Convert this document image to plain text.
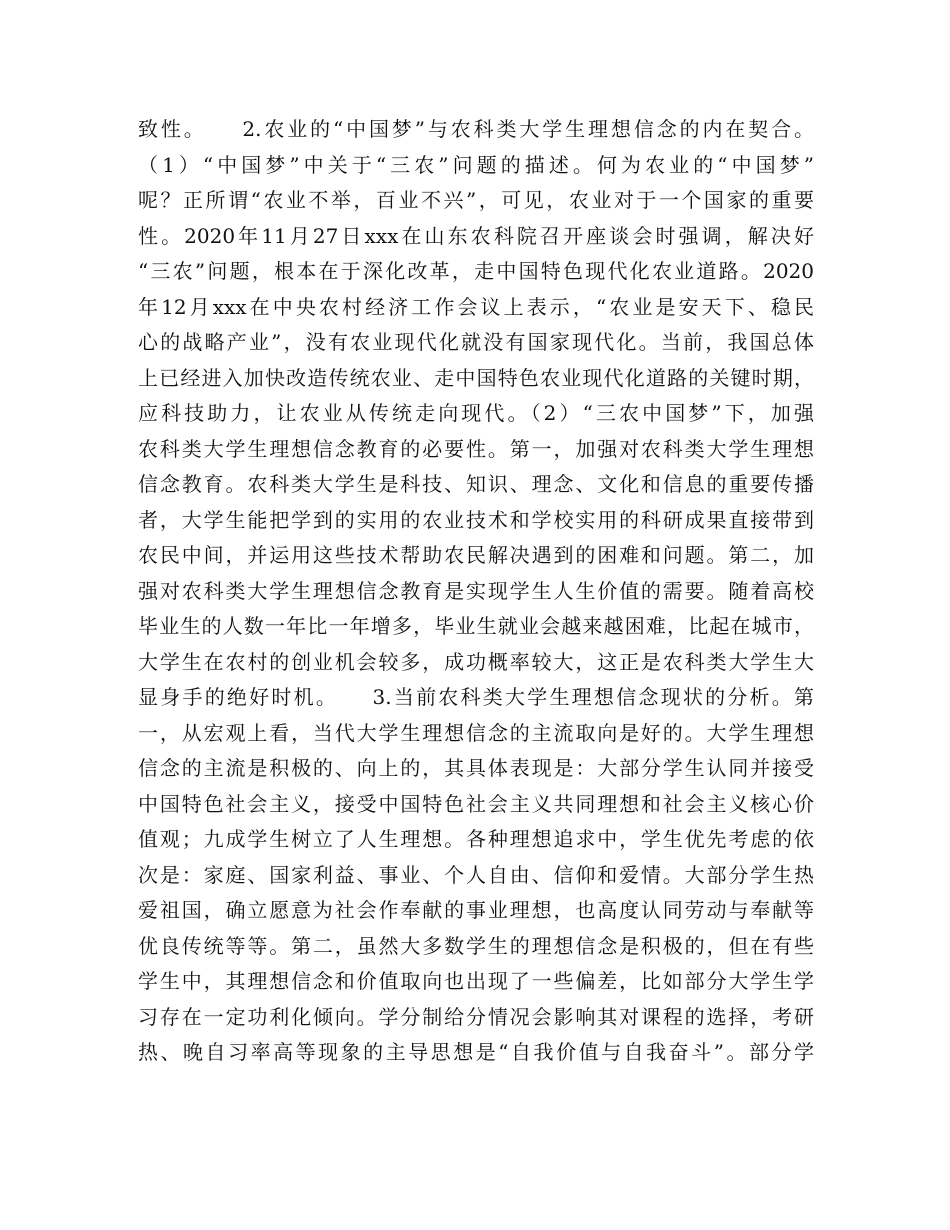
致性。　　2.农业的“中国梦”与农科类大学生理想信念的内在契合。
（1）“中国梦”中关于“三农”问题的描述。何为农业的“中国梦”
呢？正所谓“农业不举，百业不兴”，可见，农业对于一个国家的重要
性。2020年11月27日xxx在山东农科院召开座谈会时强调，解决好
“三农”问题，根本在于深化改革，走中国特色现代化农业道路。2020
年12月xxx在中央农村经济工作会议上表示，“农业是安天下、稳民
心的战略产业”，没有农业现代化就没有国家现代化。当前，我国总体
上已经进入加快改造传统农业、走中国特色农业现代化道路的关键时期，
应科技助力，让农业从传统走向现代。（2）“三农中国梦”下，加强
农科类大学生理想信念教育的必要性。第一，加强对农科类大学生理想
信念教育。农科类大学生是科技、知识、理念、文化和信息的重要传播
者，大学生能把学到的实用的农业技术和学校实用的科研成果直接带到
农民中间，并运用这些技术帮助农民解决遇到的困难和问题。第二，加
强对农科类大学生理想信念教育是实现学生人生价值的需要。随着高校
毕业生的人数一年比一年增多，毕业生就业会越来越困难，比起在城市，
大学生在农村的创业机会较多，成功概率较大，这正是农科类大学生大
显身手的绝好时机。　　3.当前农科类大学生理想信念现状的分析。第
一，从宏观上看，当代大学生理想信念的主流取向是好的。大学生理想
信念的主流是积极的、向上的，其具体表现是：大部分学生认同并接受
中国特色社会主义，接受中国特色社会主义共同理想和社会主义核心价
值观；九成学生树立了人生理想。各种理想追求中，学生优先考虑的依
次是：家庭、国家利益、事业、个人自由、信仰和爱情。大部分学生热
爱祖国，确立愿意为社会作奉献的事业理想，也高度认同劳动与奉献等
优良传统等等。第二，虽然大多数学生的理想信念是积极的，但在有些
学生中，其理想信念和价值取向也出现了一些偏差，比如部分大学生学
习存在一定功利化倾向。学分制给分情况会影响其对课程的选择，考研
热、晚自习率高等现象的主导思想是“自我价值与自我奋斗”。部分学
